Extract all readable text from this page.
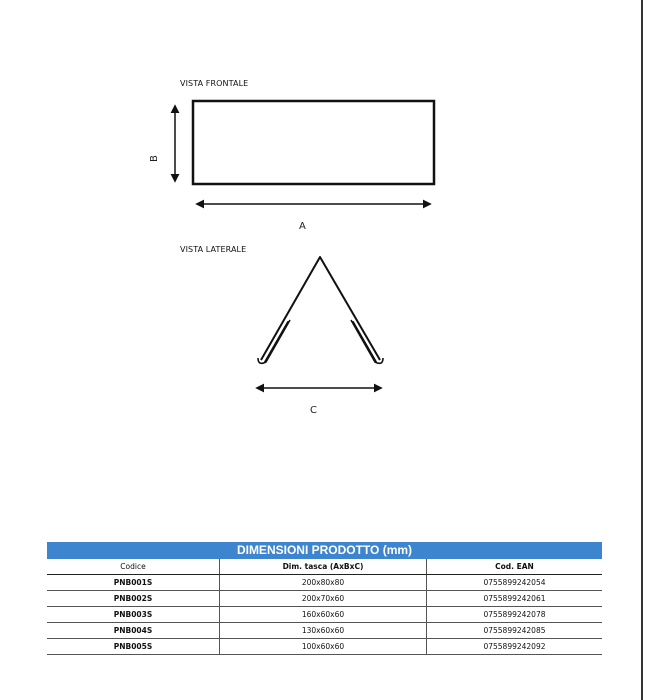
VISTA FRONTALE
VISTA LATERALE
B
A
C
DIMENSIONI PRODOTTO (mm)
Codice	Dim. tasca (AxBxC)	Cod. EAN
PNB001S	200x80x80	0755899242054
PNB002S	200x70x60	0755899242061
PNB003S	160x60x60	0755899242078
PNB004S	130x60x60	0755899242085
PNB005S	100x60x60	0755899242092
